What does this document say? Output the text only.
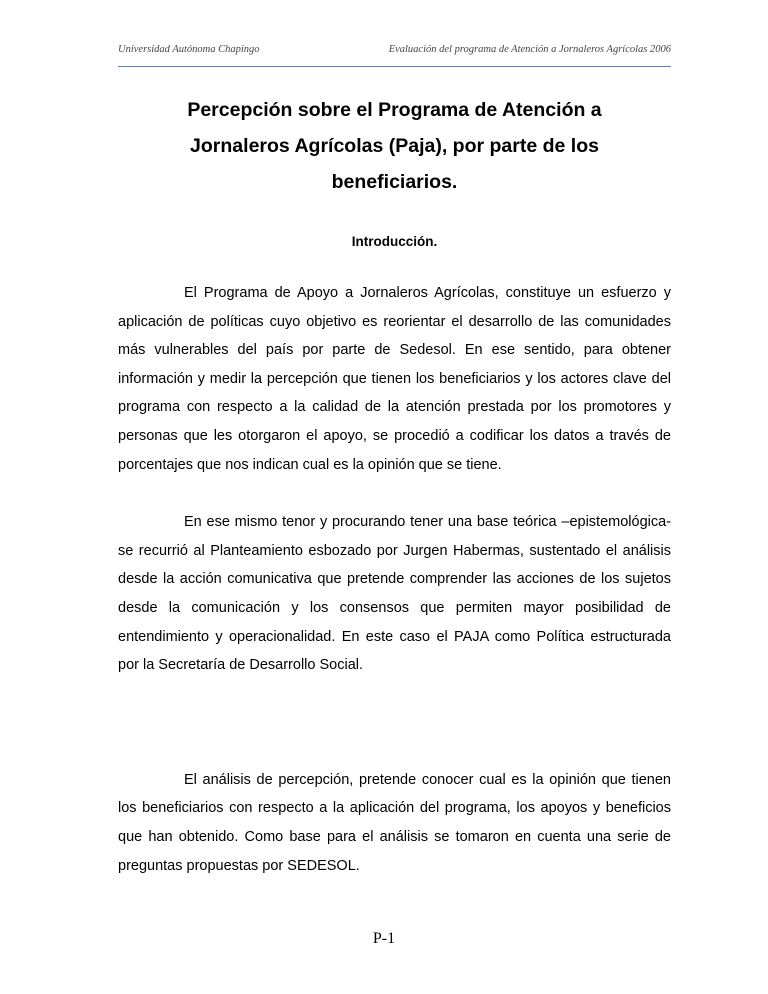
Universidad Autónoma Chapingo	Evaluación del programa de Atención a Jornaleros Agrícolas 2006
Percepción sobre el Programa de Atención a Jornaleros Agrícolas (Paja), por parte de los beneficiarios.
Introducción.

El Programa de Apoyo a Jornaleros Agrícolas, constituye un esfuerzo y aplicación de políticas cuyo objetivo es reorientar el desarrollo de las comunidades más vulnerables del país por parte de Sedesol. En ese sentido, para obtener información y medir la percepción que tienen los beneficiarios y los actores clave del programa con respecto a la calidad de la atención prestada por los promotores y personas que les otorgaron el apoyo, se procedió a codificar los datos a través de porcentajes que nos indican cual es la opinión que se tiene.

En ese mismo tenor y procurando tener una base teórica –epistemológica- se recurrió al Planteamiento esbozado por Jurgen Habermas, sustentado el análisis desde la acción comunicativa que pretende comprender las acciones de los sujetos desde la comunicación y los consensos que permiten mayor posibilidad de entendimiento y operacionalidad. En este caso el PAJA como Política estructurada por la Secretaría de Desarrollo Social.

El análisis de percepción, pretende conocer cual es la opinión que tienen los beneficiarios con respecto a la aplicación del programa, los apoyos y beneficios que han obtenido. Como base para el análisis se tomaron en cuenta una serie de preguntas propuestas por SEDESOL.

P-1
